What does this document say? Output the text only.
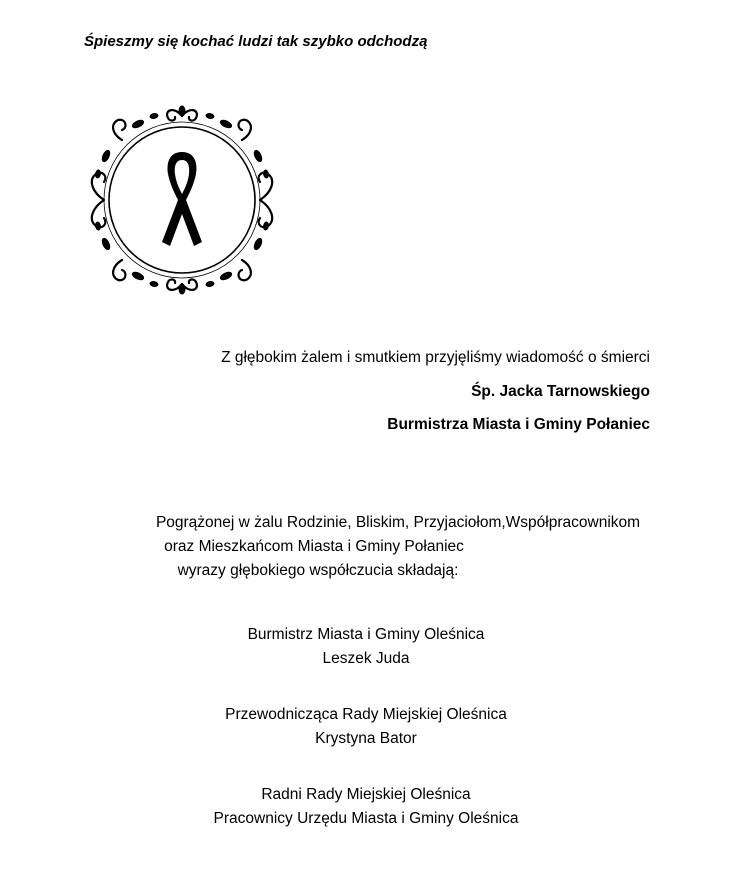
Śpieszmy się kochać ludzi tak szybko odchodzą
Z głębokim żalem i smutkiem przyjęliśmy wiadomość o śmierci
Śp. Jacka Tarnowskiego
Burmistrza Miasta i Gminy Połaniec
Pogrążonej w żalu Rodzinie, Bliskim, Przyjaciołom,Współpracownikom
oraz Mieszkańcom Miasta i Gminy Połaniec
wyrazy głębokiego współczucia składają:
Burmistrz Miasta i Gminy Oleśnica
Leszek Juda
Przewodnicząca Rady Miejskiej Oleśnica
Krystyna Bator
Radni Rady Miejskiej Oleśnica
Pracownicy Urzędu Miasta i Gminy Oleśnica
